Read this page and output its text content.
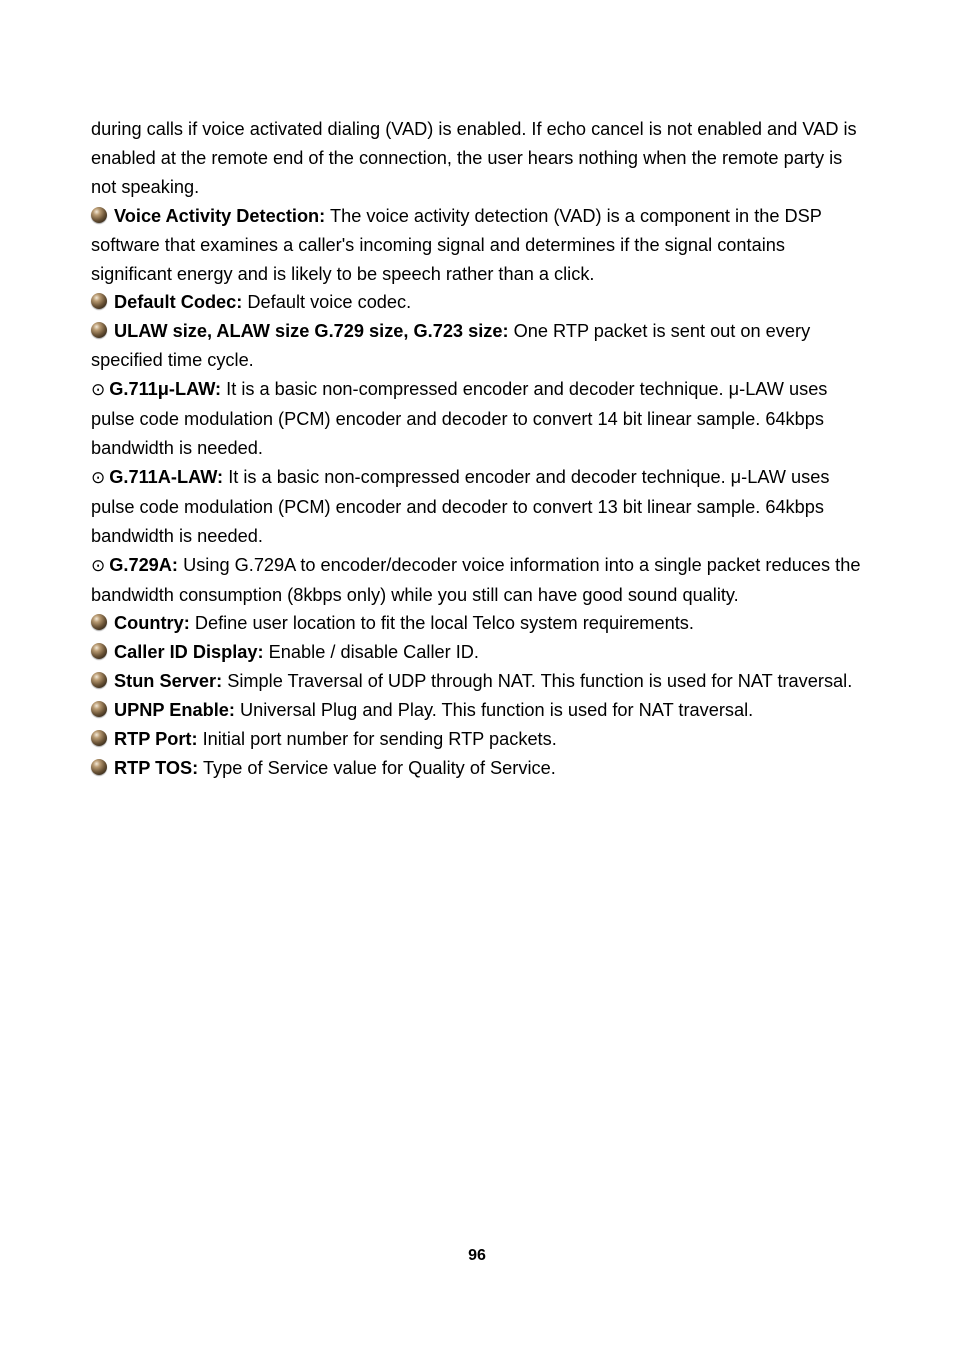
during calls if voice activated dialing (VAD) is enabled. If echo cancel is not enabled and VAD is enabled at the remote end of the connection, the user hears nothing when the remote party is not speaking.

Voice Activity Detection: The voice activity detection (VAD) is a component in the DSP software that examines a caller's incoming signal and determines if the signal contains significant energy and is likely to be speech rather than a click.

Default Codec: Default voice codec.

ULAW size, ALAW size G.729 size, G.723 size: One RTP packet is sent out on every specified time cycle.

⊙ G.711μ-LAW: It is a basic non-compressed encoder and decoder technique. μ-LAW uses pulse code modulation (PCM) encoder and decoder to convert 14 bit linear sample. 64kbps bandwidth is needed.

⊙ G.711A-LAW: It is a basic non-compressed encoder and decoder technique. μ-LAW uses pulse code modulation (PCM) encoder and decoder to convert 13 bit linear sample. 64kbps bandwidth is needed.

⊙ G.729A: Using G.729A to encoder/decoder voice information into a single packet reduces the bandwidth consumption (8kbps only) while you still can have good sound quality.

Country: Define user location to fit the local Telco system requirements.

Caller ID Display: Enable / disable Caller ID.

Stun Server: Simple Traversal of UDP through NAT. This function is used for NAT traversal.

UPNP Enable: Universal Plug and Play. This function is used for NAT traversal.

RTP Port: Initial port number for sending RTP packets.

RTP TOS: Type of Service value for Quality of Service.

96
